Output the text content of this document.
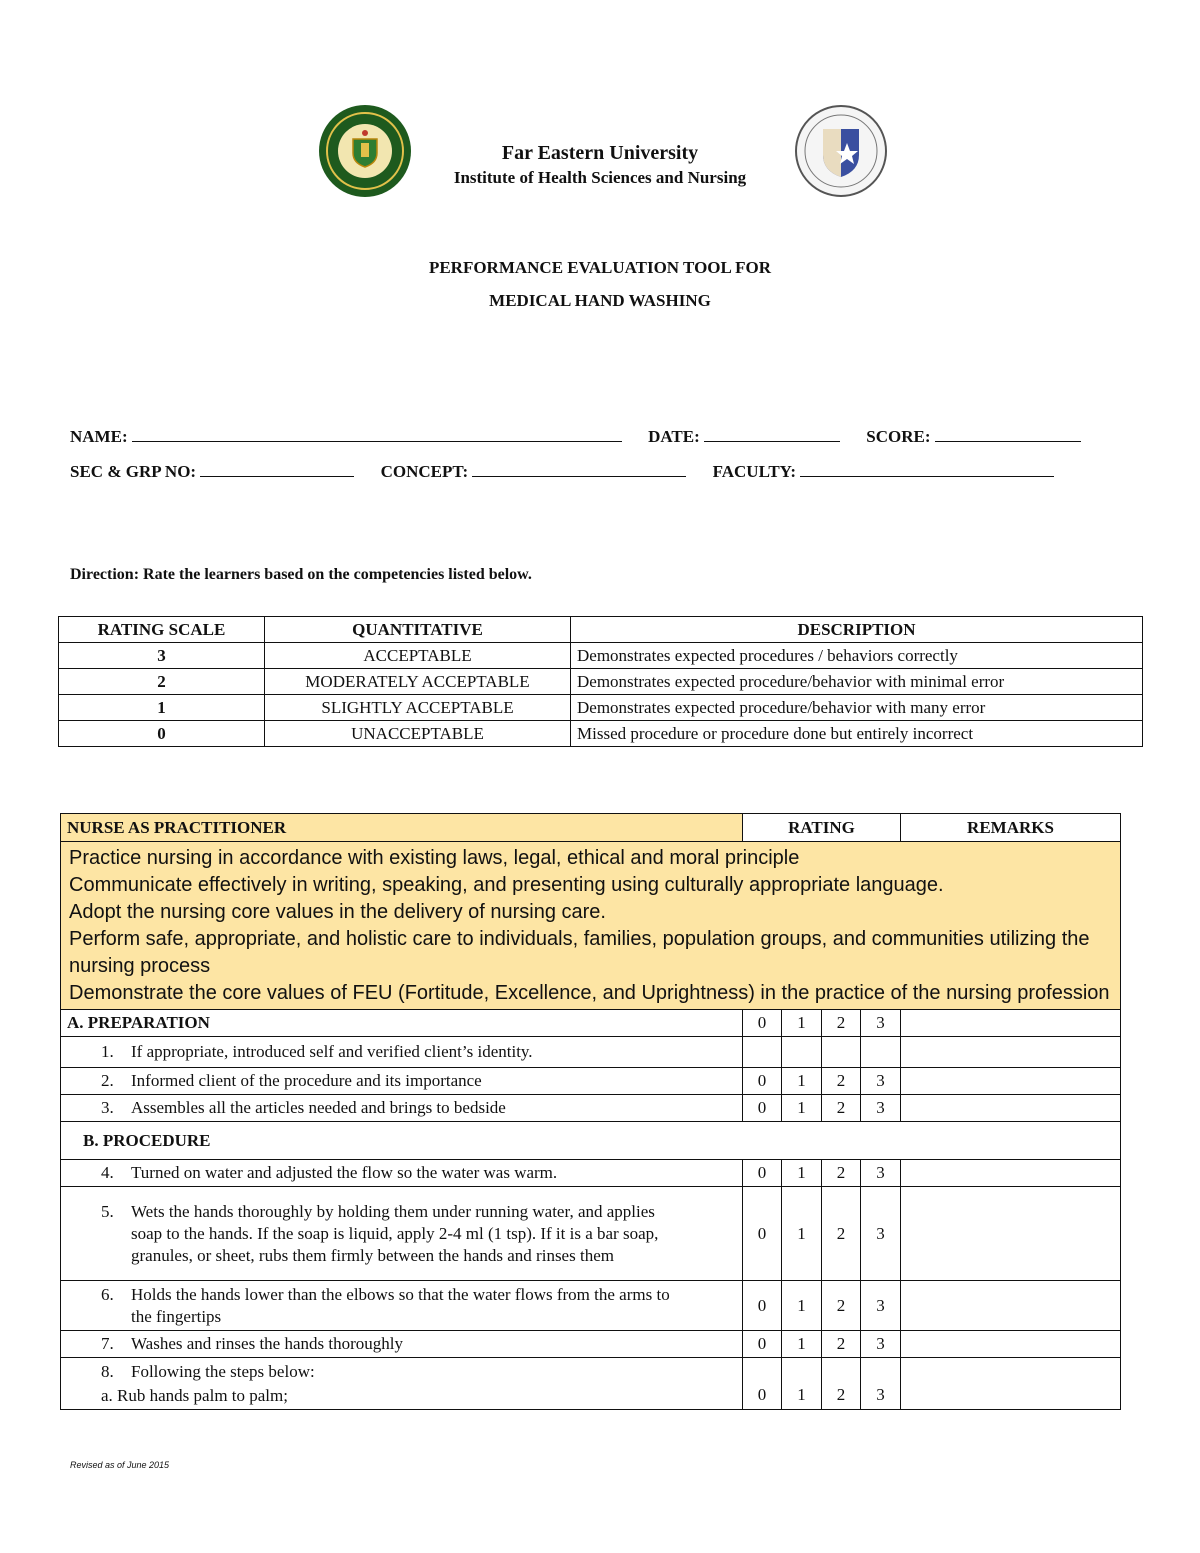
Far Eastern University
Institute of Health Sciences and Nursing
PERFORMANCE EVALUATION TOOL FOR
MEDICAL HAND WASHING
NAME:	DATE:	SCORE:
SEC & GRP NO:	CONCEPT:	FACULTY:
Direction: Rate the learners based on the competencies listed below.
RATING SCALE	QUANTITATIVE	DESCRIPTION
3	ACCEPTABLE	Demonstrates expected procedures / behaviors correctly
2	MODERATELY ACCEPTABLE	Demonstrates expected procedure/behavior with minimal error
1	SLIGHTLY ACCEPTABLE	Demonstrates expected procedure/behavior with many error
0	UNACCEPTABLE	Missed procedure or procedure done but entirely incorrect
NURSE AS PRACTITIONER	RATING				REMARKS

Practice nursing in accordance with existing laws, legal, ethical and moral principle
Communicate effectively in writing, speaking, and presenting using culturally appropriate language.
Adopt the nursing core values in the delivery of nursing care.
Perform safe, appropriate, and holistic care to individuals, families, population groups, and communities utilizing the nursing process
Demonstrate the core values of FEU (Fortitude, Excellence, and Uprightness) in the practice of the nursing profession					

A. PREPARATION	0	1	2	3	
1. If appropriate, introduced self and verified client’s identity.					
2. Informed client of the procedure and its importance	0	1	2	3	
3. Assembles all the articles needed and brings to bedside	0	1	2	3	
B. PROCEDURE					
4. Turned on water and adjusted the flow so the water was warm.	0	1	2	3	
5. Wets the hands thoroughly by holding them under running water, and applies soap to the hands. If the soap is liquid, apply 2-4 ml (1 tsp). If it is a bar soap, granules, or sheet, rubs them firmly between the hands and rinses them	0	1	2	3	
6. Holds the hands lower than the elbows so that the water flows from the arms to the fingertips	0	1	2	3	
7. Washes and rinses the hands thoroughly	0	1	2	3	

8. Following the steps below:
a. Rub hands palm to palm;	0	1	2	3	
Revised as of June 2015
